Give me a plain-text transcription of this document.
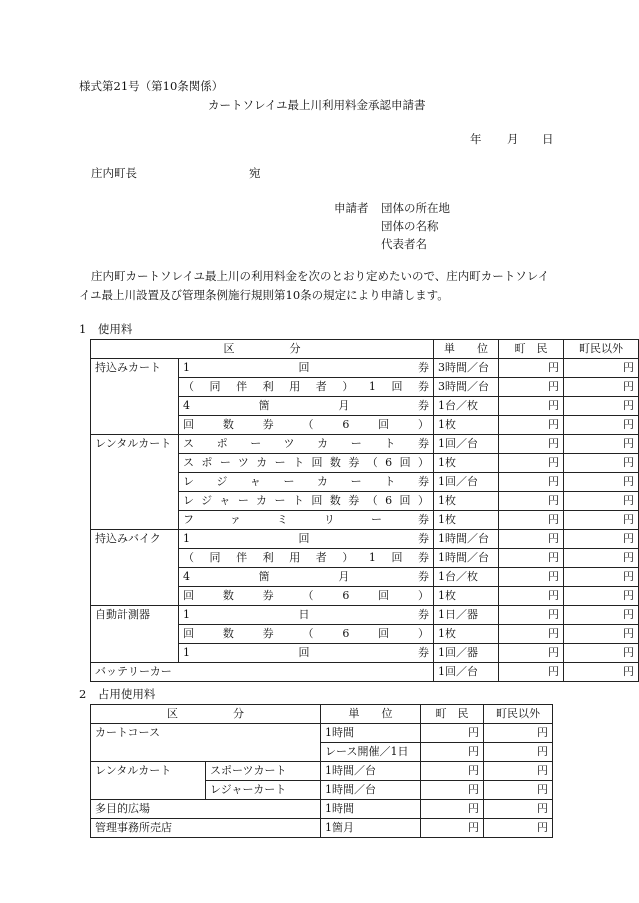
様式第21号（第10条関係）
カートソレイユ最上川利用料金承認申請書
年 月 日
庄内町長	宛
申請者 団体の所在地
団体の名称
代表者名
庄内町カートソレイユ最上川の利用料金を次のとおり定めたいので、庄内町カートソレイ
イユ最上川設置及び管理条例施行規則第10条の規定により申請します。
1　使用料
区　　　　　分		単　　位	町　民	町民以外
持込みカート	1回券	3時間／台	円	円
	（同伴利用者）1回券	3時間／台	円	円
	4箇月券	1台／枚	円	円
	回数券（6回）	1枚	円	円
レンタルカート	スポーツカート券	1回／台	円	円
	スポーツカート回数券（6回）	1枚	円	円
	レジャーカート券	1回／台	円	円
	レジャーカート回数券（6回）	1枚	円	円
	ファミリー券	1枚	円	円
持込みバイク	1回券	1時間／台	円	円
	（同伴利用者）1回券	1時間／台	円	円
	4箇月券	1台／枚	円	円
	回数券（6回）	1枚	円	円
自動計測器	1日券	1日／器	円	円
	回数券（6回）	1枚	円	円
	1回券	1回／器	円	円
バッテリーカー		1回／台	円	円
2　占用使用料
区　　　　　分		単　　位	町　民	町民以外
カートコース		1時間	円	円
		レース開催／1日	円	円
レンタルカート	スポーツカート	1時間／台	円	円
	レジャーカート	1時間／台	円	円
多目的広場		1時間	円	円
管理事務所売店		1箇月	円	円
